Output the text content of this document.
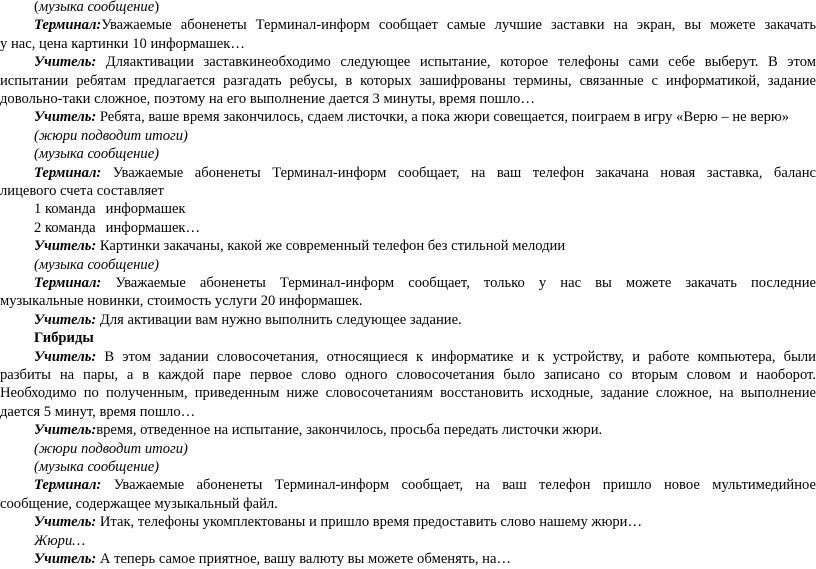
(музыка сообщение)
Терминал:Уважаемые абоненеты Терминал-информ сообщает самые лучшие заставки на экран, вы можете закачать
у нас, цена картинки 10 информашек…
Учитель: Дляактивации заставкинеобходимо следующее испытание, которое телефоны сами себе выберут. В этом
испытании ребятам предлагается разгадать ребусы, в которых зашифрованы термины, связанные с информатикой, задание
довольно-таки сложное, поэтому на его выполнение дается 3 минуты, время пошло…
Учитель: Ребята, ваше время закончилось, сдаем листочки, а пока жюри совещается, поиграем в игру «Верю – не верю»
(жюри подводит итоги)
(музыка сообщение)
Терминал: Уважаемые абоненеты Терминал-информ сообщает, на ваш телефон закачана новая заставка, баланс
лицевого счета составляет
1 команда информашек
2 команда информашек…
Учитель: Картинки закачаны, какой же современный телефон без стильной мелодии
(музыка сообщение)
Терминал: Уважаемые абоненеты Терминал-информ сообщает, только у нас вы можете закачать последние
музыкальные новинки, стоимость услуги 20 информашек.
Учитель: Для активации вам нужно выполнить следующее задание.
Гибриды
Учитель: В этом задании словосочетания, относящиеся к информатике и к устройству, и работе компьютера, были
разбиты на пары, а в каждой паре первое слово одного словосочетания было записано со вторым словом и наоборот.
Необходимо по полученным, приведенным ниже словосочетаниям восстановить исходные, задание сложное, на выполнение
дается 5 минут, время пошло…
Учитель:время, отведенное на испытание, закончилось, просьба передать листочки жюри.
(жюри подводит итоги)
(музыка сообщение)
Терминал: Уважаемые абоненеты Терминал-информ сообщает, на ваш телефон пришло новое мультимедийное
сообщение, содержащее музыкальный файл.
Учитель: Итак, телефоны укомплектованы и пришло время предоставить слово нашему жюри…
Жюри…
Учитель: А теперь самое приятное, вашу валюту вы можете обменять, на…
